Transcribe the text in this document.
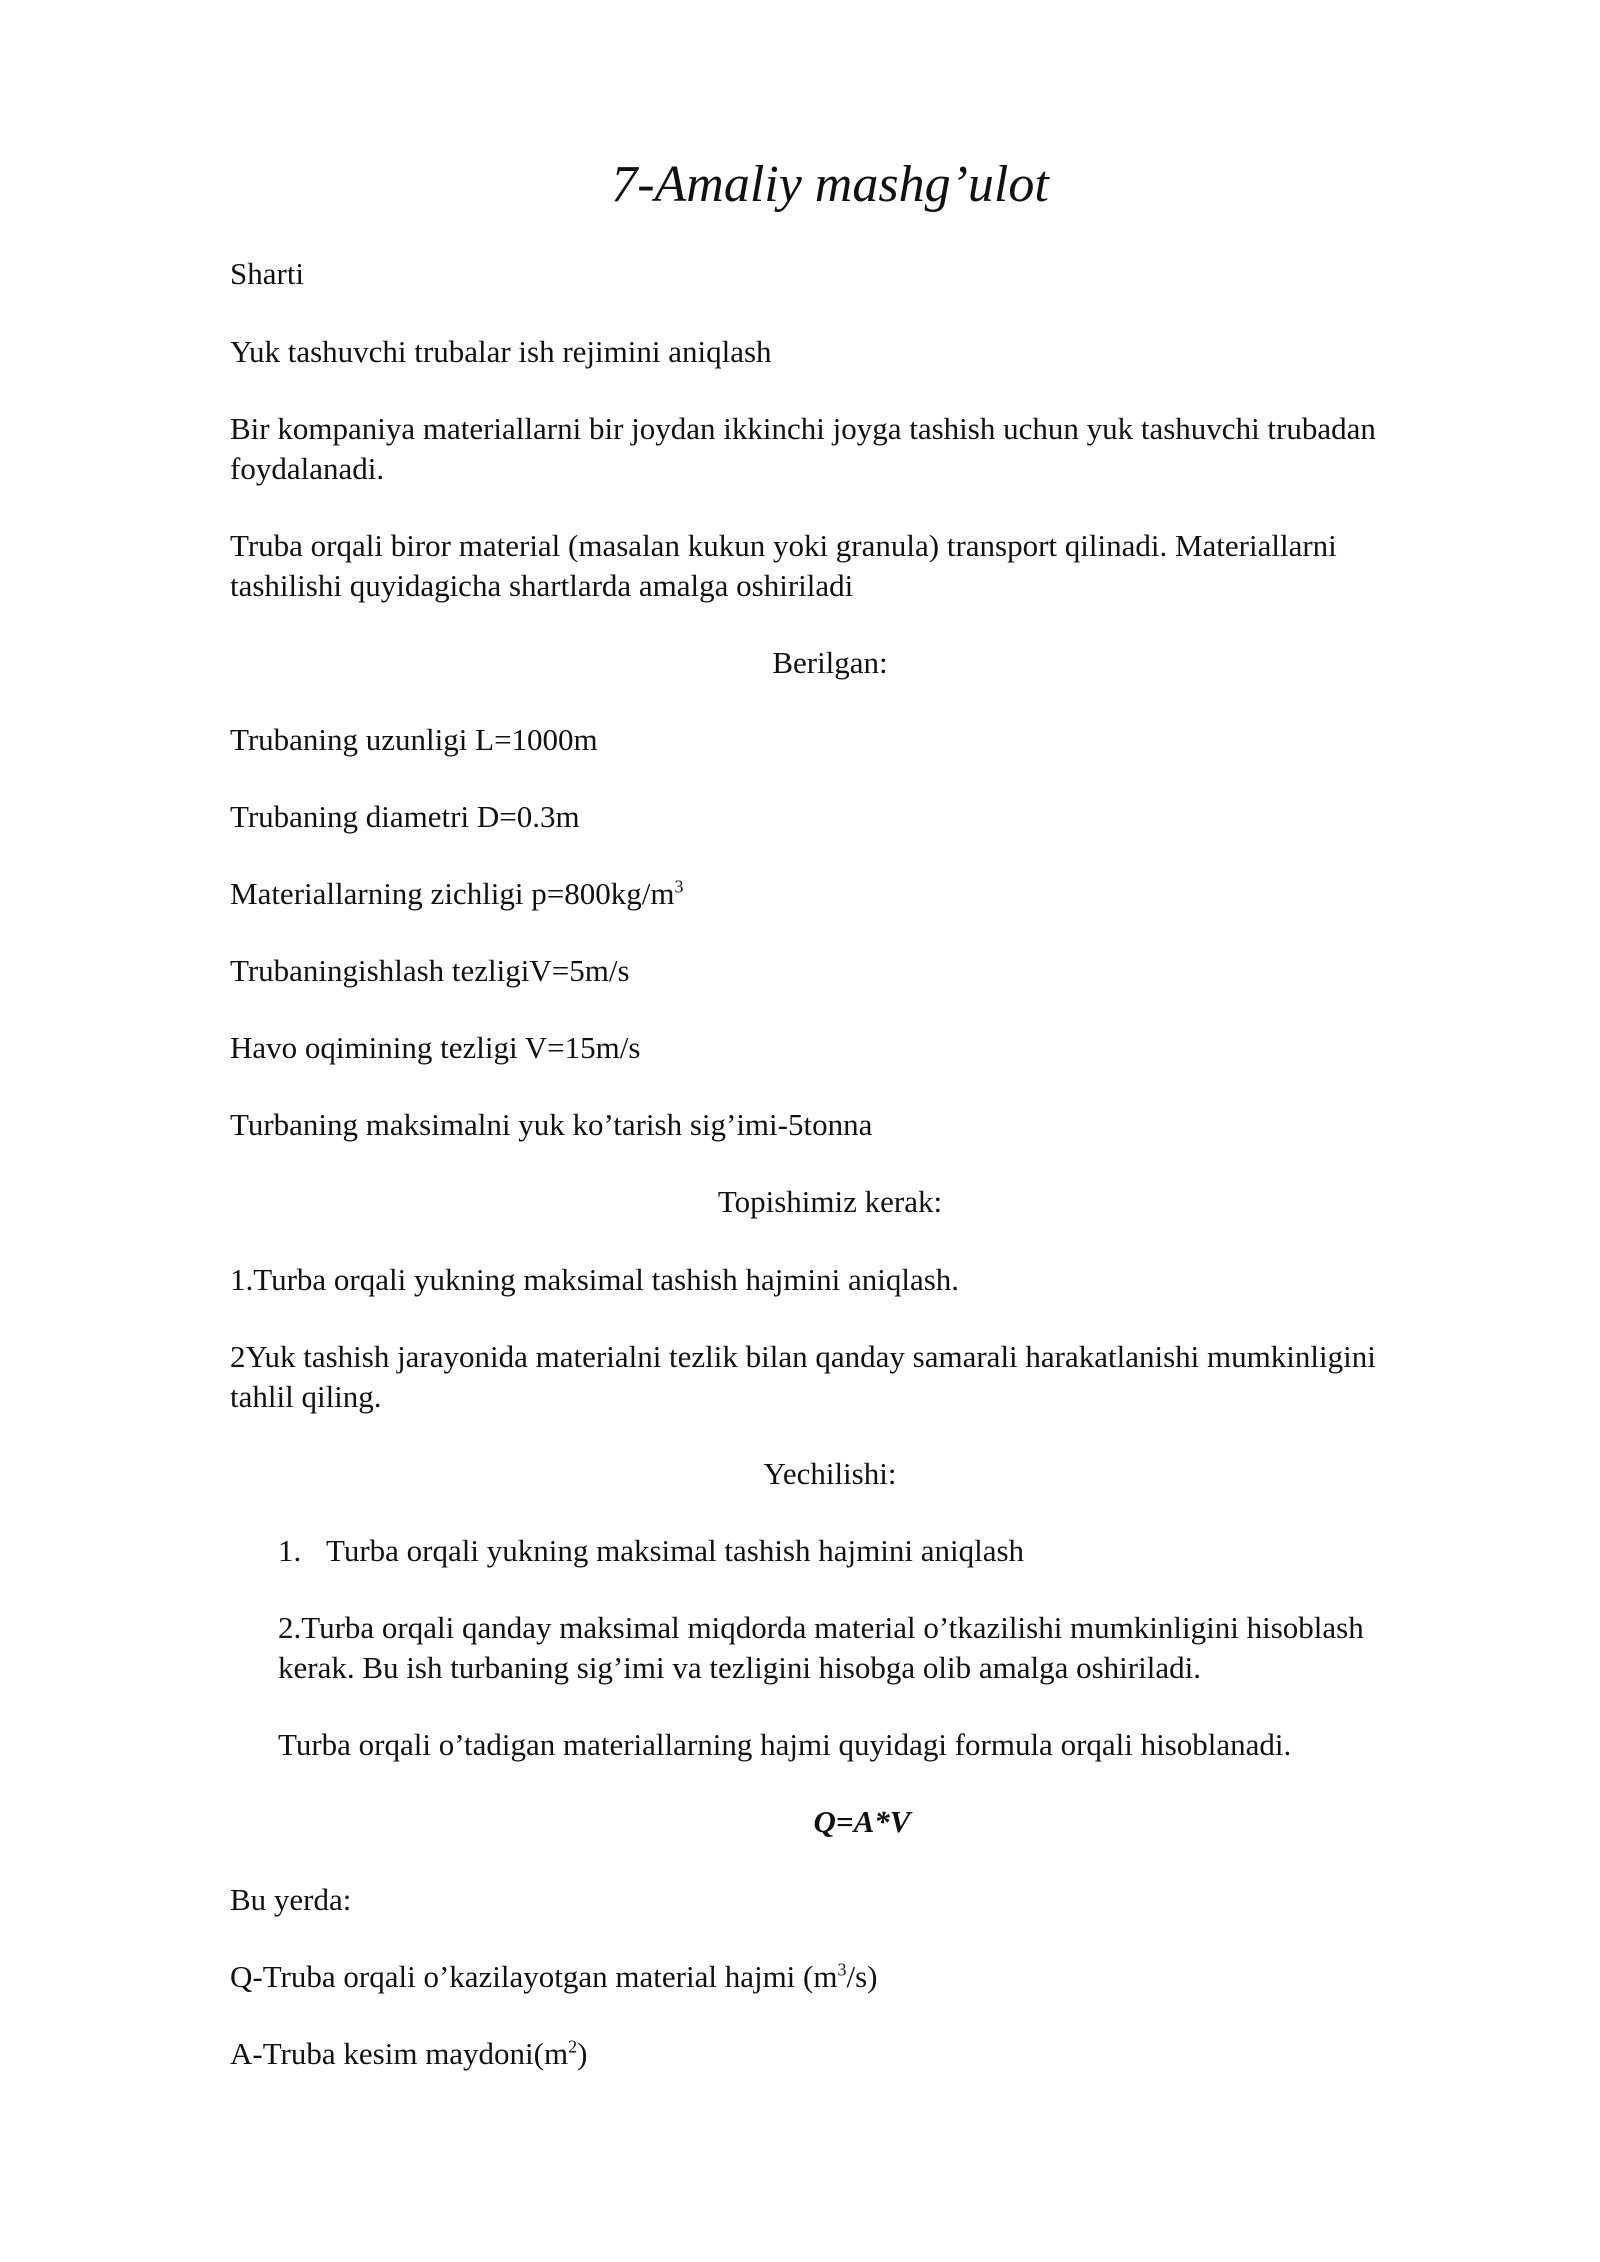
7-Amaliy mashg’ulot
Sharti
Yuk tashuvchi trubalar ish rejimini aniqlash
Bir kompaniya materiallarni bir joydan ikkinchi joyga tashish uchun yuk tashuvchi trubadan
foydalanadi.
Truba orqali biror material (masalan kukun yoki granula) transport qilinadi. Materiallarni
tashilishi quyidagicha shartlarda amalga oshiriladi
Berilgan:
Trubaning uzunligi L=1000m
Trubaning diametri D=0.3m
Materiallarning zichligi $p=800kg/m^3$
Trubaningishlash tezligiV=5m/s
Havo oqimining tezligi V=15m/s
Turbaning maksimalni yuk ko’tarish sig’imi-5tonna
Topishimiz kerak:
1.Turba orqali yukning maksimal tashish hajmini aniqlash.
2Yuk tashish jarayonida materialni tezlik bilan qanday samarali harakatlanishi mumkinligini
tahlil qiling.
Yechilishi:
1. Turba orqali yukning maksimal tashish hajmini aniqlash
2.Turba orqali qanday maksimal miqdorda material o’tkazilishi mumkinligini hisoblash
kerak. Bu ish turbaning sig’imi va tezligini hisobga olib amalga oshiriladi.
Turba orqali o’tadigan materiallarning hajmi quyidagi formula orqali hisoblanadi.
Q=A*V
Bu yerda:
Q-Truba orqali o’kazilayotgan material hajmi $(m^3/s)$
A-Truba kesim $maydoni(m^2)$
